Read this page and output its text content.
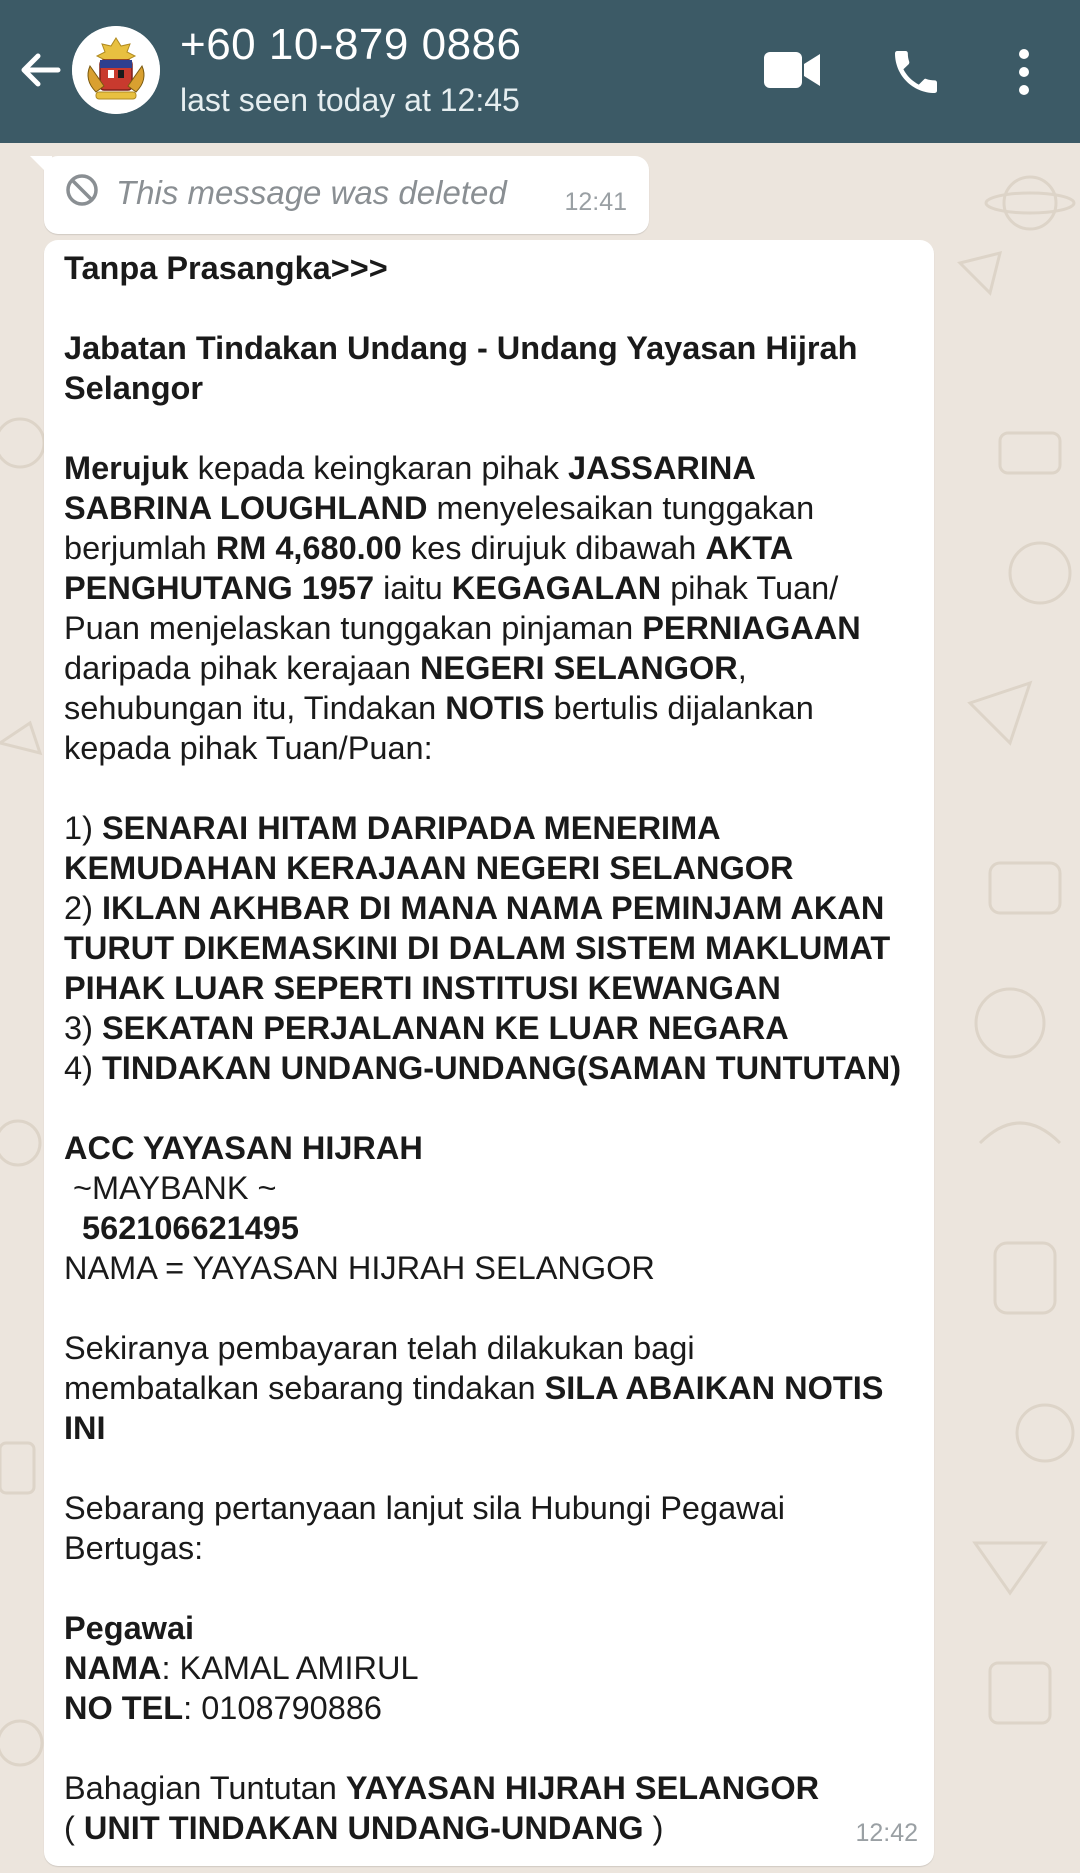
+60 10-879 0886
last seen today at 12:45
This message was deleted 12:41
Tanpa Prasangka>>>
Jabatan Tindakan Undang - Undang Yayasan Hijrah
Selangor
Merujuk kepada keingkaran pihak JASSARINA
SABRINA LOUGHLAND menyelesaikan tunggakan
berjumlah RM 4,680.00 kes dirujuk dibawah AKTA
PENGHUTANG 1957 iaitu KEGAGALAN pihak Tuan/
Puan menjelaskan tunggakan pinjaman PERNIAGAAN
daripada pihak kerajaan NEGERI SELANGOR,
sehubungan itu, Tindakan NOTIS bertulis dijalankan
kepada pihak Tuan/Puan:
1) SENARAI HITAM DARIPADA MENERIMA
KEMUDAHAN KERAJAAN NEGERI SELANGOR
2) IKLAN AKHBAR DI MANA NAMA PEMINJAM AKAN
TURUT DIKEMASKINI DI DALAM SISTEM MAKLUMAT
PIHAK LUAR SEPERTI INSTITUSI KEWANGAN
3) SEKATAN PERJALANAN KE LUAR NEGARA
4) TINDAKAN UNDANG-UNDANG(SAMAN TUNTUTAN)
ACC YAYASAN HIJRAH
~MAYBANK ~
562106621495
NAMA = YAYASAN HIJRAH SELANGOR
Sekiranya pembayaran telah dilakukan bagi
membatalkan sebarang tindakan SILA ABAIKAN NOTIS
INI
Sebarang pertanyaan lanjut sila Hubungi Pegawai
Bertugas:
Pegawai
NAMA: KAMAL AMIRUL
NO TEL: 0108790886
Bahagian Tuntutan YAYASAN HIJRAH SELANGOR
( UNIT TINDAKAN UNDANG-UNDANG )	12:42
